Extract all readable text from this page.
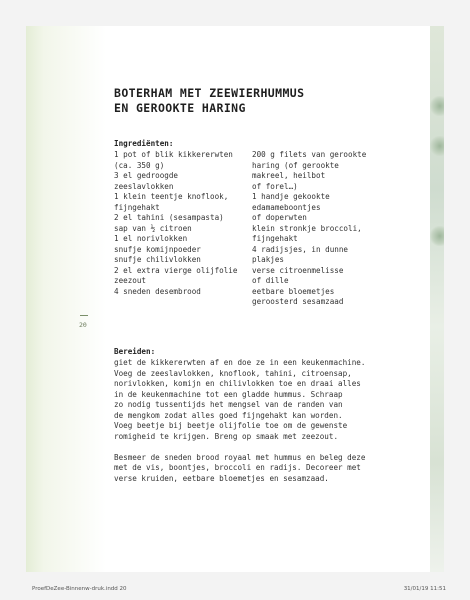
BOTERHAM MET ZEEWIERHUMMUS
EN GEROOKTE HARING
Ingrediënten:
1 pot of blik kikkererwten
(ca. 350 g)
3 el gedroogde
zeeslavlokken
1 klein teentje knoflook,
fijngehakt
2 el tahini (sesampasta)
sap van ½ citroen
1 el norivlokken
snufje komijnpoeder
snufje chilivlokken
2 el extra vierge olijfolie
zeezout
4 sneden desembrood
200 g filets van gerookte
haring (of gerookte
makreel, heilbot
of forel…)
1 handje gekookte
edamameboontjes
of doperwten
klein stronkje broccoli,
fijngehakt
4 radijsjes, in dunne
plakjes
verse citroenmelisse
of dille
eetbare bloemetjes
geroosterd sesamzaad
20
Bereiden:
giet de kikkererwten af en doe ze in een keukenmachine.
Voeg de zeeslavlokken, knoflook, tahini, citroensap,
norivlokken, komijn en chilivlokken toe en draai alles
in de keukenmachine tot een gladde hummus. Schraap
zo nodig tussentijds het mengsel van de randen van
de mengkom zodat alles goed fijngehakt kan worden.
Voeg beetje bij beetje olijfolie toe om de gewenste
romigheid te krijgen. Breng op smaak met zeezout.
Besmeer de sneden brood royaal met hummus en beleg deze
met de vis, boontjes, broccoli en radijs. Decoreer met
verse kruiden, eetbare bloemetjes en sesamzaad.
ProefDeZee-Binnenw-druk.indd 20	31/01/19 11:51
